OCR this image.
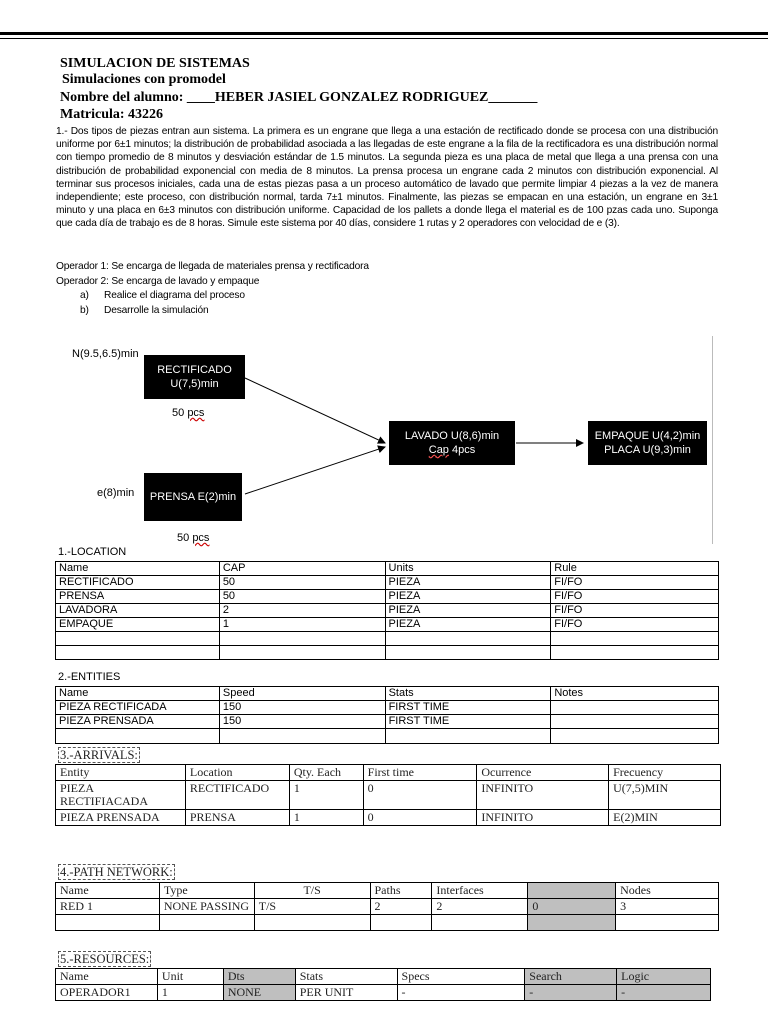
SIMULACION DE SISTEMAS
Simulaciones con promodel
Nombre del alumno: ____HEBER JASIEL GONZALEZ RODRIGUEZ_______
Matricula: 43226

1.- Dos tipos de piezas entran aun sistema. La primera es un engrane que llega a una estación de rectificado donde se procesa con una distribución uniforme por 6±1 minutos; la distribución de probabilidad asociada a las llegadas de este engrane a la fila de la rectificadora es una distribución normal con tiempo promedio de 8 minutos y desviación estándar de 1.5 minutos. La segunda pieza es una placa de metal que llega a una prensa con una distribución de probabilidad exponencial con media de 8 minutos. La prensa procesa un engrane cada 2 minutos con distribución exponencial. Al terminar sus procesos iniciales, cada una de estas piezas pasa a un proceso automático de lavado que permite limpiar 4 piezas a la vez de manera independiente; este proceso, con distribución normal, tarda 7±1 minutos. Finalmente, las piezas se empacan en una estación, un engrane en 3±1 minuto y una placa en 6±3 minutos con distribución uniforme. Capacidad de los pallets a donde llega el material es de 100 pzas cada uno. Suponga que cada día de trabajo es de 8 horas. Simule este sistema por 40 días, considere 1 rutas y 2 operadores con velocidad de e (3).

Operador 1: Se encarga de llegada de materiales prensa y rectificadora
Operador 2: Se encarga de lavado y empaque
a) Realice el diagrama del proceso
b) Desarrolle la simulación
N(9.5,6.5)min
RECTIFICADO
U(7,5)min
50 pcs
e(8)min PRENSA E(2)min
50 pcs
LAVADO U(8,6)min
Cap 4pcs
EMPAQUE U(4,2)min
PLACA U(9,3)min
1.-LOCATION
Name	CAP	Units	Rule
RECTIFICADO	50	PIEZA	FI/FO
PRENSA	50	PIEZA	FI/FO
LAVADORA	2	PIEZA	FI/FO
EMPAQUE	1	PIEZA	FI/FO

2.-ENTITIES
Name	Speed	Stats	Notes
PIEZA RECTIFICADA	150	FIRST TIME	
PIEZA PRENSADA	150	FIRST TIME	

3.-ARRIVALS:
Entity	Location	Qty. Each	First time	Ocurrence	Frecuency
PIEZA RECTIFIACADA	RECTIFICADO	1	0	INFINITO	U(7,5)MIN
PIEZA PRENSADA	PRENSA	1	0	INFINITO	E(2)MIN
4.-PATH NETWORK:
Name	Type	T/S	Paths	Interfaces		Nodes
RED 1	NONE PASSING	T/S	2	2	0	3

5.-RESOURCES:
Name	Unit	Dts	Stats	Specs	Search	Logic
OPERADOR1	1	NONE	PER UNIT	-	-	-
